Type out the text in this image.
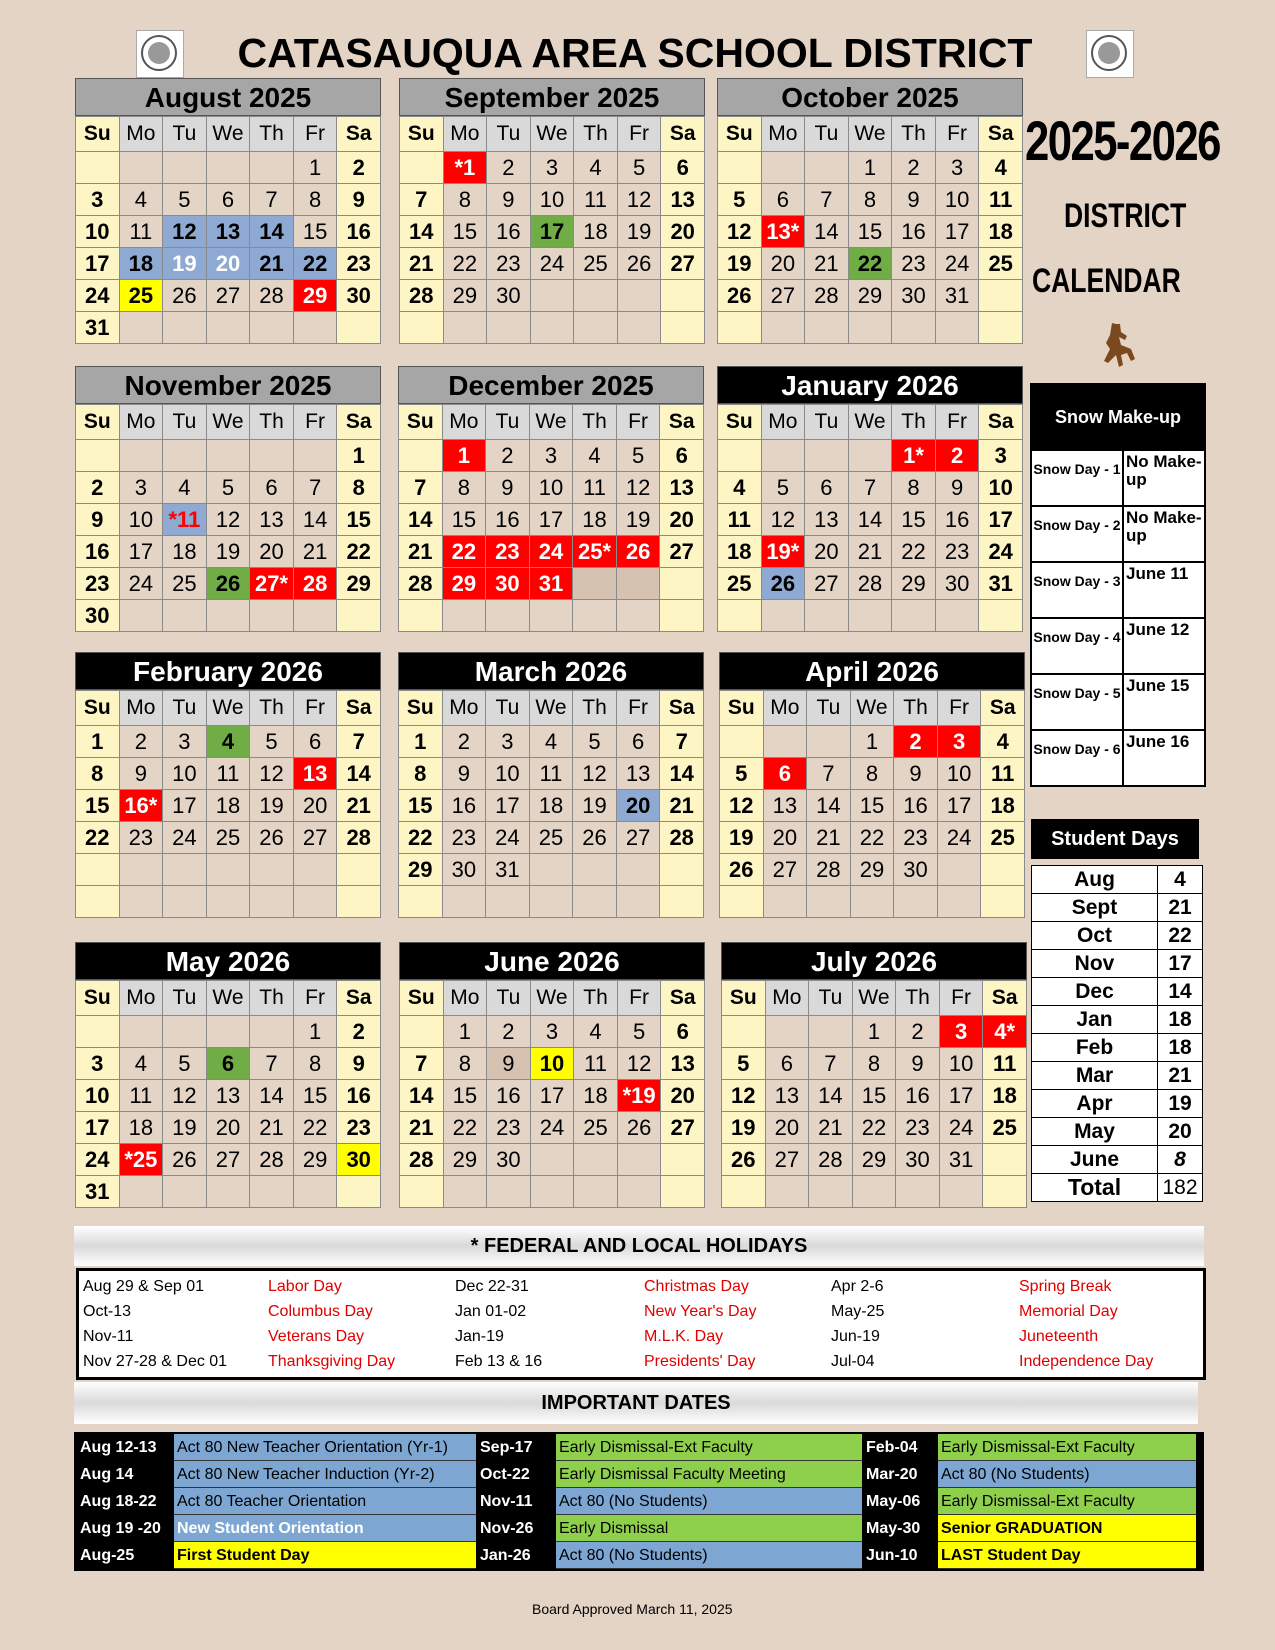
CATASAUQUA AREA SCHOOL DISTRICT
2025-2026
DISTRICT
CALENDAR
August 2025
Su	Mo	Tu	We	Th	Fr	Sa
					1	2
3	4	5	6	7	8	9
10	11	12	13	14	15	16
17	18	19	20	21	22	23
24	25	26	27	28	29	30
31						
September 2025
Su	Mo	Tu	We	Th	Fr	Sa
	*1	2	3	4	5	6
7	8	9	10	11	12	13
14	15	16	17	18	19	20
21	22	23	24	25	26	27
28	29	30				

October 2025
Su	Mo	Tu	We	Th	Fr	Sa
			1	2	3	4
5	6	7	8	9	10	11
12	13*	14	15	16	17	18
19	20	21	22	23	24	25
26	27	28	29	30	31	

November 2025
Su	Mo	Tu	We	Th	Fr	Sa
						1
2	3	4	5	6	7	8
9	10	*11	12	13	14	15
16	17	18	19	20	21	22
23	24	25	26	27*	28	29
30						
December 2025
Su	Mo	Tu	We	Th	Fr	Sa
	1	2	3	4	5	6
7	8	9	10	11	12	13
14	15	16	17	18	19	20
21	22	23	24	25*	26	27
28	29	30	31			

January 2026
Su	Mo	Tu	We	Th	Fr	Sa
				1*	2	3
4	5	6	7	8	9	10
11	12	13	14	15	16	17
18	19*	20	21	22	23	24
25	26	27	28	29	30	31

February 2026
Su	Mo	Tu	We	Th	Fr	Sa
1	2	3	4	5	6	7
8	9	10	11	12	13	14
15	16*	17	18	19	20	21
22	23	24	25	26	27	28

March 2026
Su	Mo	Tu	We	Th	Fr	Sa
1	2	3	4	5	6	7
8	9	10	11	12	13	14
15	16	17	18	19	20	21
22	23	24	25	26	27	28
29	30	31				

April 2026
Su	Mo	Tu	We	Th	Fr	Sa
			1	2	3	4
5	6	7	8	9	10	11
12	13	14	15	16	17	18
19	20	21	22	23	24	25
26	27	28	29	30		

May 2026
Su	Mo	Tu	We	Th	Fr	Sa
					1	2
3	4	5	6	7	8	9
10	11	12	13	14	15	16
17	18	19	20	21	22	23
24	*25	26	27	28	29	30
31						
June 2026
Su	Mo	Tu	We	Th	Fr	Sa
	1	2	3	4	5	6
7	8	9	10	11	12	13
14	15	16	17	18	*19	20
21	22	23	24	25	26	27
28	29	30				

July 2026
Su	Mo	Tu	We	Th	Fr	Sa
			1	2	3	4*
5	6	7	8	9	10	11
12	13	14	15	16	17	18
19	20	21	22	23	24	25
26	27	28	29	30	31	

Snow Make-up
Snow Day - 1 No Make-up
Snow Day - 2 No Make-up
Snow Day - 3 June 11
Snow Day - 4 June 12
Snow Day - 5 June 15
Snow Day - 6 June 16
Student Days
Aug	4
Sept	21
Oct	22
Nov	17
Dec	14
Jan	18
Feb	18
Mar	21
Apr	19
May	20
June	8
Total	182
* FEDERAL AND LOCAL HOLIDAYS
Aug 29 & Sep 01	Labor Day	Dec 22-31	Christmas Day	Apr 2-6	Spring Break
Oct-13	Columbus Day	Jan 01-02	New Year's Day	May-25	Memorial Day
Nov-11	Veterans Day	Jan-19	M.L.K. Day	Jun-19	Juneteenth
Nov 27-28 & Dec 01	Thanksgiving Day	Feb 13 & 16	Presidents' Day	Jul-04	Independence Day
IMPORTANT DATES
Aug 12-13	Act 80 New Teacher Orientation (Yr-1)	Sep-17	Early Dismissal-Ext Faculty	Feb-04	Early Dismissal-Ext Faculty
Aug 14	Act 80 New Teacher Induction (Yr-2)	Oct-22	Early Dismissal Faculty Meeting	Mar-20	Act 80 (No Students)
Aug 18-22	Act 80 Teacher Orientation	Nov-11	Act 80 (No Students)	May-06	Early Dismissal-Ext Faculty
Aug 19 -20	New Student Orientation	Nov-26	Early Dismissal	May-30	Senior GRADUATION
Aug-25	First Student Day	Jan-26	Act 80 (No Students)	Jun-10	LAST Student Day
Board Approved March 11, 2025
